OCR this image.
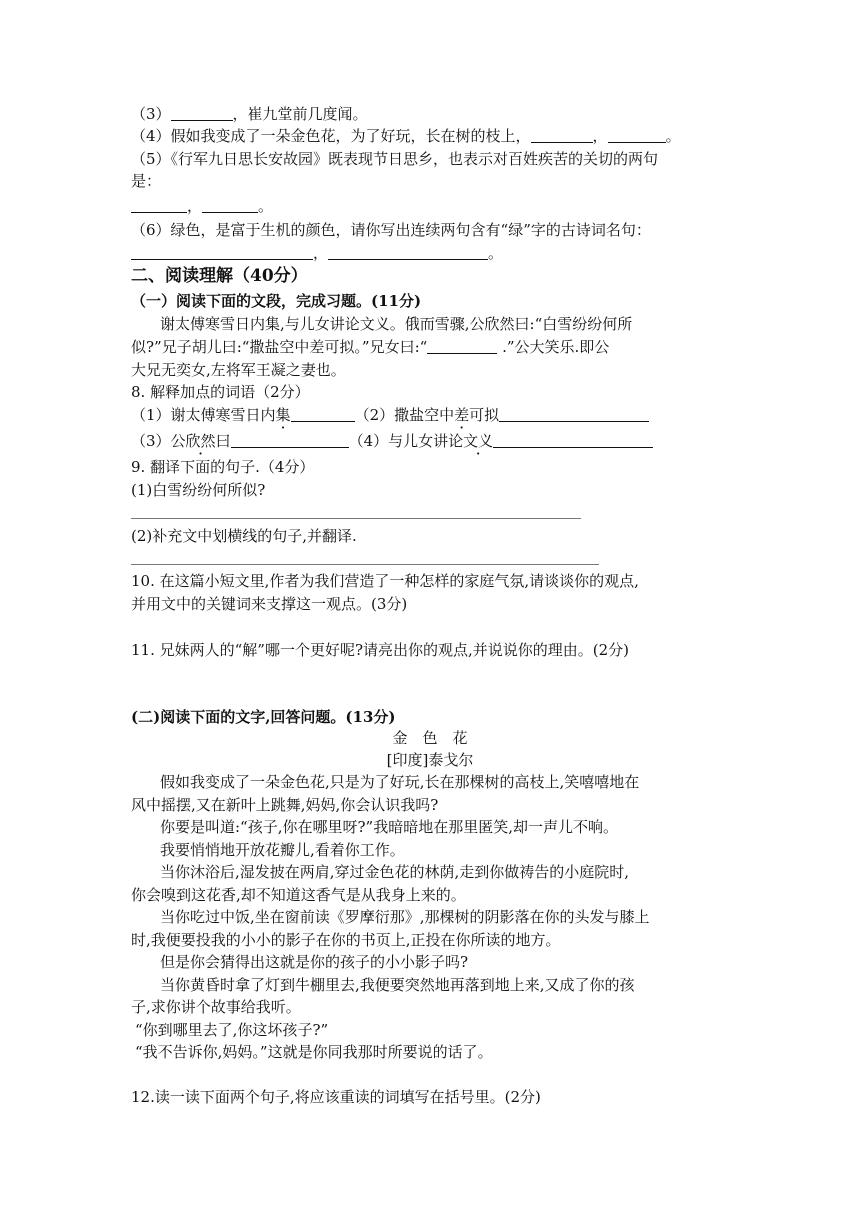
（3）	，崔九堂前几度闻。
（4）假如我变成了一朵金色花，为了好玩，长在树的枝上，	，	。
（5）《行军九日思长安故园》既表现节日思乡，也表示对百姓疾苦的关切的两句
是：
，	。
（6）绿色，是富于生机的颜色，请你写出连续两句含有“绿”字的古诗词名句：
，	。
二、阅读理解（40分）
（一）阅读下面的文段，完成习题。(11分)
谢太傅寒雪日内集,与儿女讲论文义。俄而雪骤,公欣然曰:“白雪纷纷何所
似?”兄子胡儿曰:“撒盐空中差可拟。”兄女曰:“	.”公大笑乐.即公
大兄无奕女,左将军王凝之妻也。
8. 解释加点的词语（2分）
（1）谢太傅寒雪日内集	（2）撒盐空中差可拟
（3）公欣然曰	（4）与儿女讲论文义
9. 翻译下面的句子.（4分）
(1)白雪纷纷何所似?
(2)补充文中划横线的句子,并翻译.
10. 在这篇小短文里,作者为我们营造了一种怎样的家庭气氛,请谈谈你的观点,
并用文中的关键词来支撑这一观点。(3分)
11. 兄妹两人的“解”哪一个更好呢?请亮出你的观点,并说说你的理由。(2分)
(二)阅读下面的文字,回答问题。(13分)
金　色　花
[印度]泰戈尔
假如我变成了一朵金色花,只是为了好玩,长在那棵树的高枝上,笑嘻嘻地在
风中摇摆,又在新叶上跳舞,妈妈,你会认识我吗?
你要是叫道:“孩子,你在哪里呀?”我暗暗地在那里匿笑,却一声儿不响。
我要悄悄地开放花瓣儿,看着你工作。
当你沐浴后,湿发披在两肩,穿过金色花的林荫,走到你做祷告的小庭院时,
你会嗅到这花香,却不知道这香气是从我身上来的。
当你吃过中饭,坐在窗前读《罗摩衍那》,那棵树的阴影落在你的头发与膝上
时,我便要投我的小小的影子在你的书页上,正投在你所读的地方。
但是你会猜得出这就是你的孩子的小小影子吗?
当你黄昏时拿了灯到牛棚里去,我便要突然地再落到地上来,又成了你的孩
子,求你讲个故事给我听。
“你到哪里去了,你这坏孩子?”
“我不告诉你,妈妈。”这就是你同我那时所要说的话了。
12.读一读下面两个句子,将应该重读的词填写在括号里。(2分)
